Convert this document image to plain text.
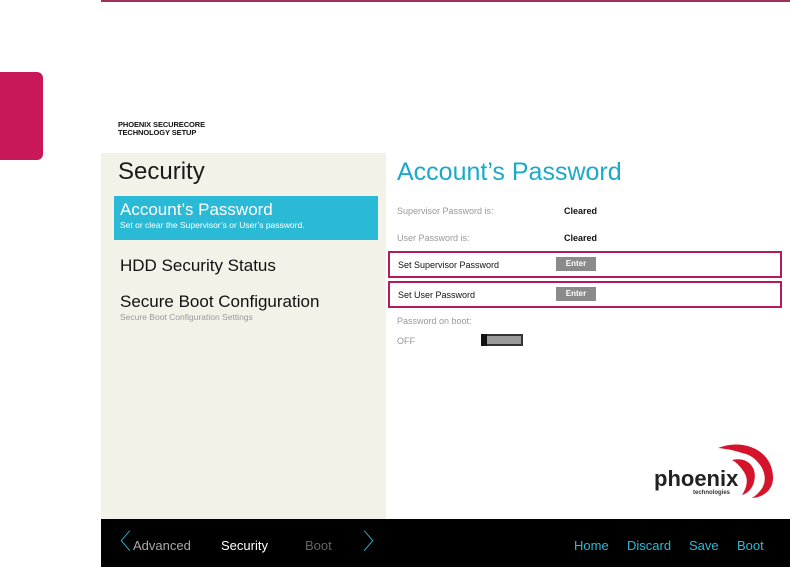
PHOENIX SECURECORE
TECHNOLOGY SETUP
Security
Account’s Password
Set or clear the Supervisor’s or User’s password.
HDD Security Status
Secure Boot Configuration
Secure Boot Configuration Settings
Account’s Password
Supervisor Password is:	Cleared
User Password is:	Cleared
Set Supervisor Password	Enter
Set User Password	Enter
Password on boot:
OFF
phoenix
technologies
〈 Advanced Security	Boot 〉	Home Discard Save Boot
